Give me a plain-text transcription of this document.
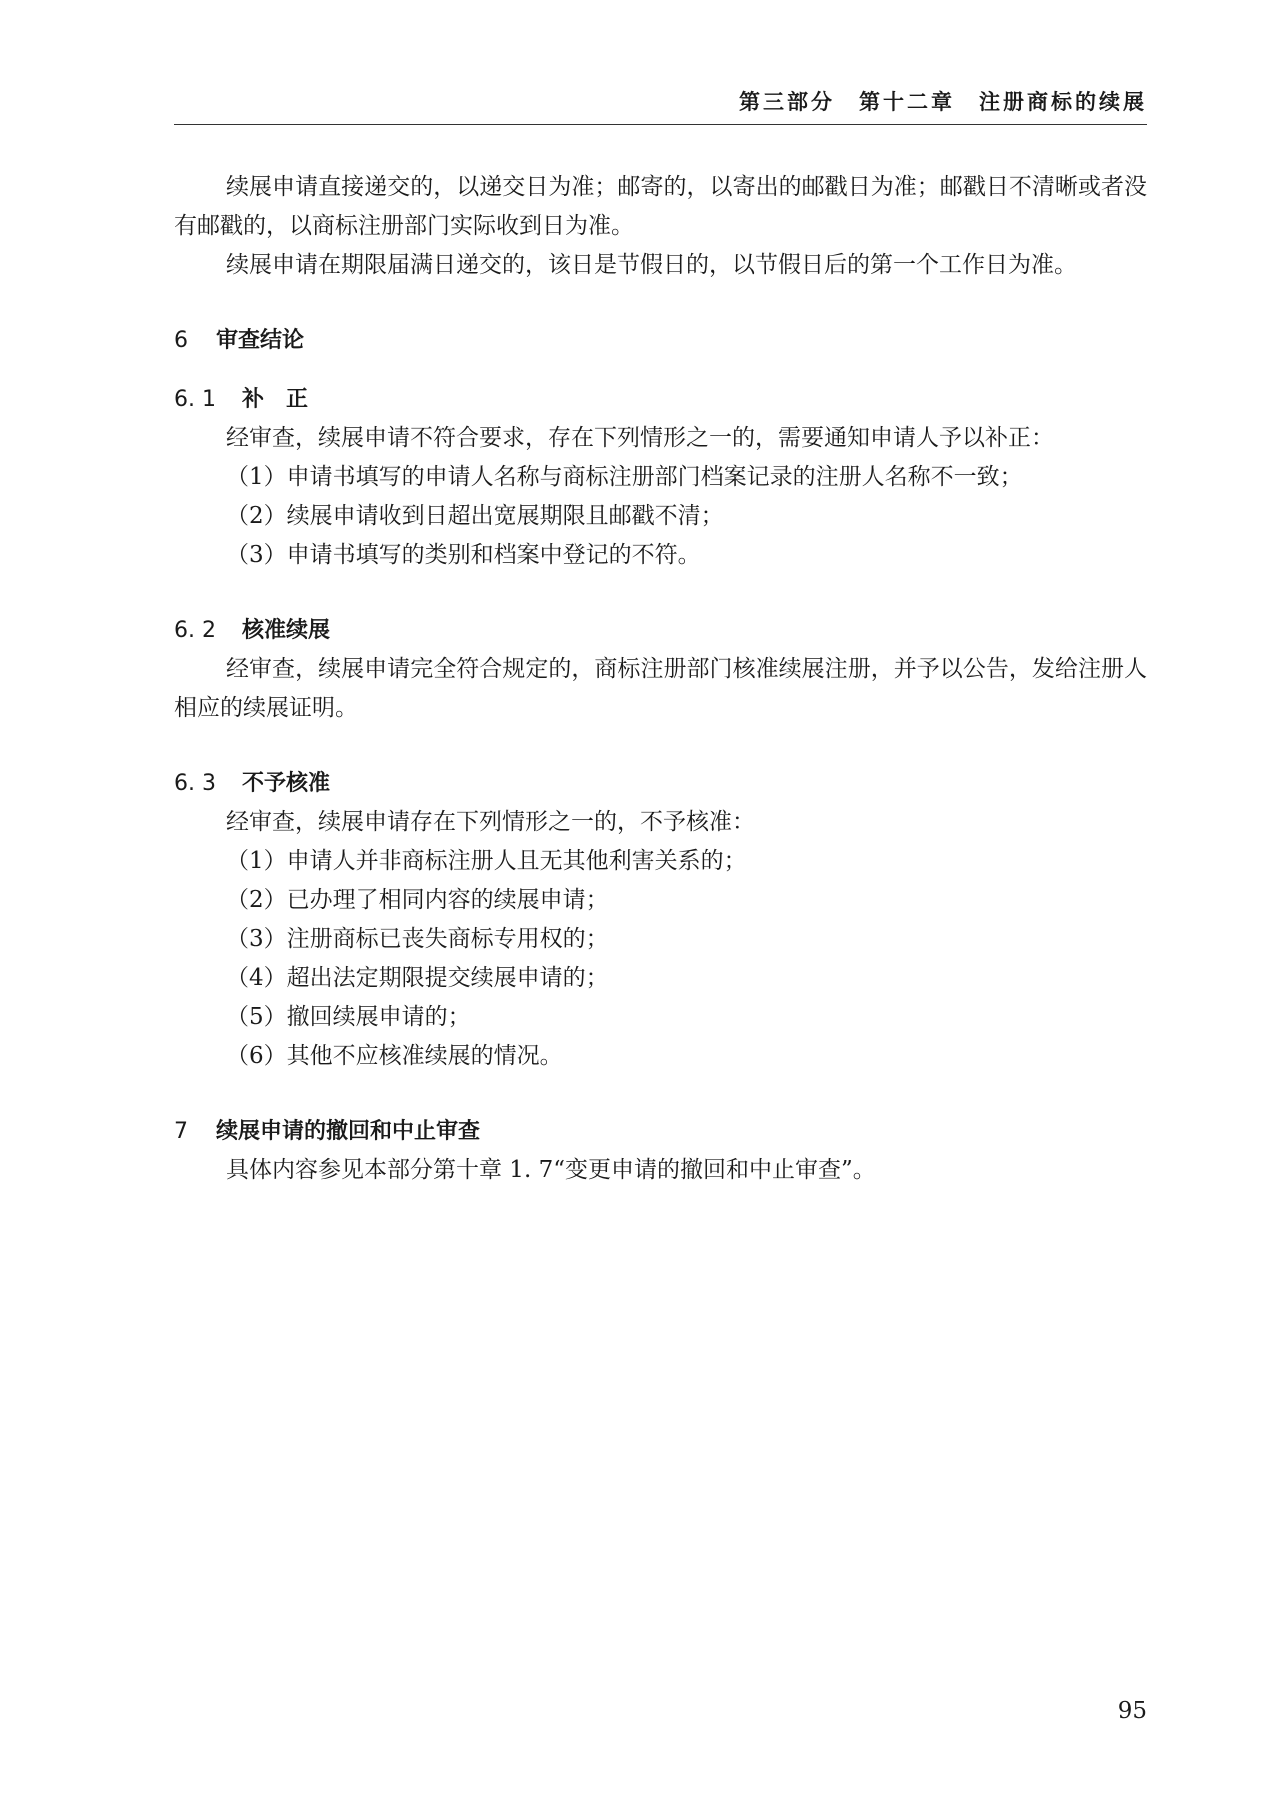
第三部分　第十二章　注册商标的续展

续展申请直接递交的，以递交日为准；邮寄的，以寄出的邮戳日为准；邮戳日不清晰或者没有邮戳的，以商标注册部门实际收到日为准。

续展申请在期限届满日递交的，该日是节假日的，以节假日后的第一个工作日为准。

6 审查结论
6. 1 补　正

经审查，续展申请不符合要求，存在下列情形之一的，需要通知申请人予以补正：

（1）申请书填写的申请人名称与商标注册部门档案记录的注册人名称不一致；

（2）续展申请收到日超出宽展期限且邮戳不清；

（3）申请书填写的类别和档案中登记的不符。

6. 2 核准续展

经审查，续展申请完全符合规定的，商标注册部门核准续展注册，并予以公告，发给注册人相应的续展证明。

6. 3 不予核准

经审查，续展申请存在下列情形之一的，不予核准：

（1）申请人并非商标注册人且无其他利害关系的；

（2）已办理了相同内容的续展申请；

（3）注册商标已丧失商标专用权的；

（4）超出法定期限提交续展申请的；

（5）撤回续展申请的；

（6）其他不应核准续展的情况。

7 续展申请的撤回和中止审查

具体内容参见本部分第十章 1. 7“变更申请的撤回和中止审查”。

95
